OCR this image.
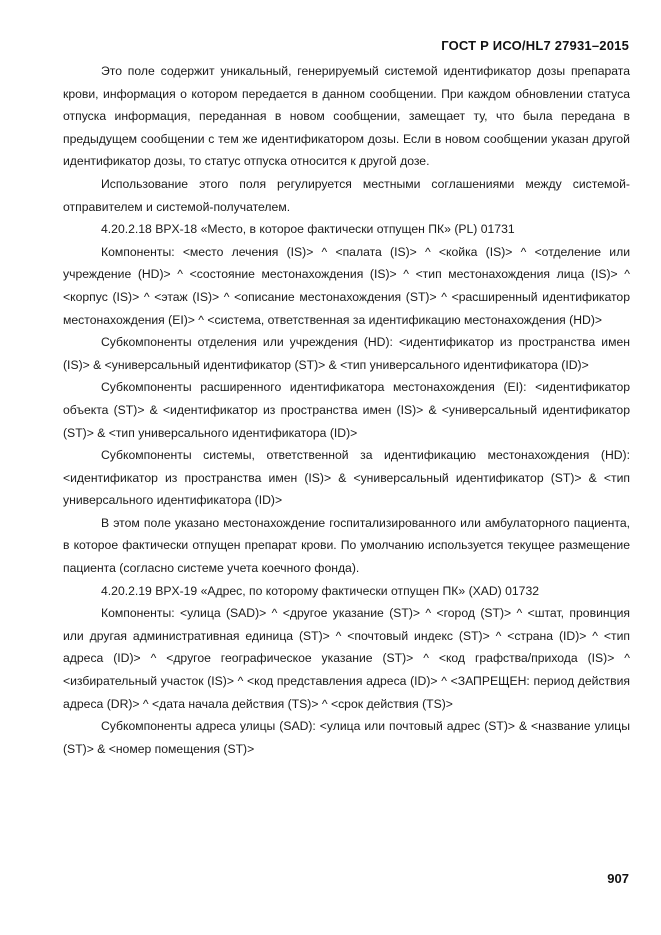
ГОСТ Р ИСО/HL7 27931–2015

Это поле содержит уникальный, генерируемый системой идентификатор дозы препарата крови, информация о котором передается в данном сообщении. При каждом обновлении статуса отпуска информация, переданная в новом сообщении, замещает ту, что была передана в предыдущем сообщении с тем же идентификатором дозы. Если в новом сообщении указан другой идентификатор дозы, то статус отпуска относится к другой дозе.

Использование этого поля регулируется местными соглашениями между системой-отправителем и системой-получателем.

4.20.2.18 BPX-18 «Место, в которое фактически отпущен ПК» (PL) 01731

Компоненты: <место лечения (IS)> ^ <палата (IS)> ^ <койка (IS)> ^ <отделение или учреждение (HD)> ^ <состояние местонахождения (IS)> ^ <тип местонахождения лица (IS)> ^ <корпус (IS)> ^ <этаж (IS)> ^ <описание местонахождения (ST)> ^ <расширенный идентификатор местонахождения (EI)> ^ <система, ответственная за идентификацию местонахождения (HD)>

Субкомпоненты отделения или учреждения (HD): <идентификатор из пространства имен (IS)> & <универсальный идентификатор (ST)> & <тип универсального идентификатора (ID)>

Субкомпоненты расширенного идентификатора местонахождения (EI): <идентификатор объекта (ST)> & <идентификатор из пространства имен (IS)> & <универсальный идентификатор (ST)> & <тип универсального идентификатора (ID)>

Субкомпоненты системы, ответственной за идентификацию местонахождения (HD): <идентификатор из пространства имен (IS)> & <универсальный идентификатор (ST)> & <тип универсального идентификатора (ID)>

В этом поле указано местонахождение госпитализированного или амбулаторного пациента, в которое фактически отпущен препарат крови. По умолчанию используется текущее размещение пациента (согласно системе учета коечного фонда).

4.20.2.19 BPX-19 «Адрес, по которому фактически отпущен ПК» (XAD) 01732

Компоненты: <улица (SAD)> ^ <другое указание (ST)> ^ <город (ST)> ^ <штат, провинция или другая административная единица (ST)> ^ <почтовый индекс (ST)> ^ <страна (ID)> ^ <тип адреса (ID)> ^ <другое географическое указание (ST)> ^ <код графства/прихода (IS)> ^ <избирательный участок (IS)> ^ <код представления адреса (ID)> ^ <ЗАПРЕЩЕН: период действия адреса (DR)> ^ <дата начала действия (TS)> ^ <срок действия (TS)>

Субкомпоненты адреса улицы (SAD): <улица или почтовый адрес (ST)> & <название улицы (ST)> & <номер помещения (ST)>

907
